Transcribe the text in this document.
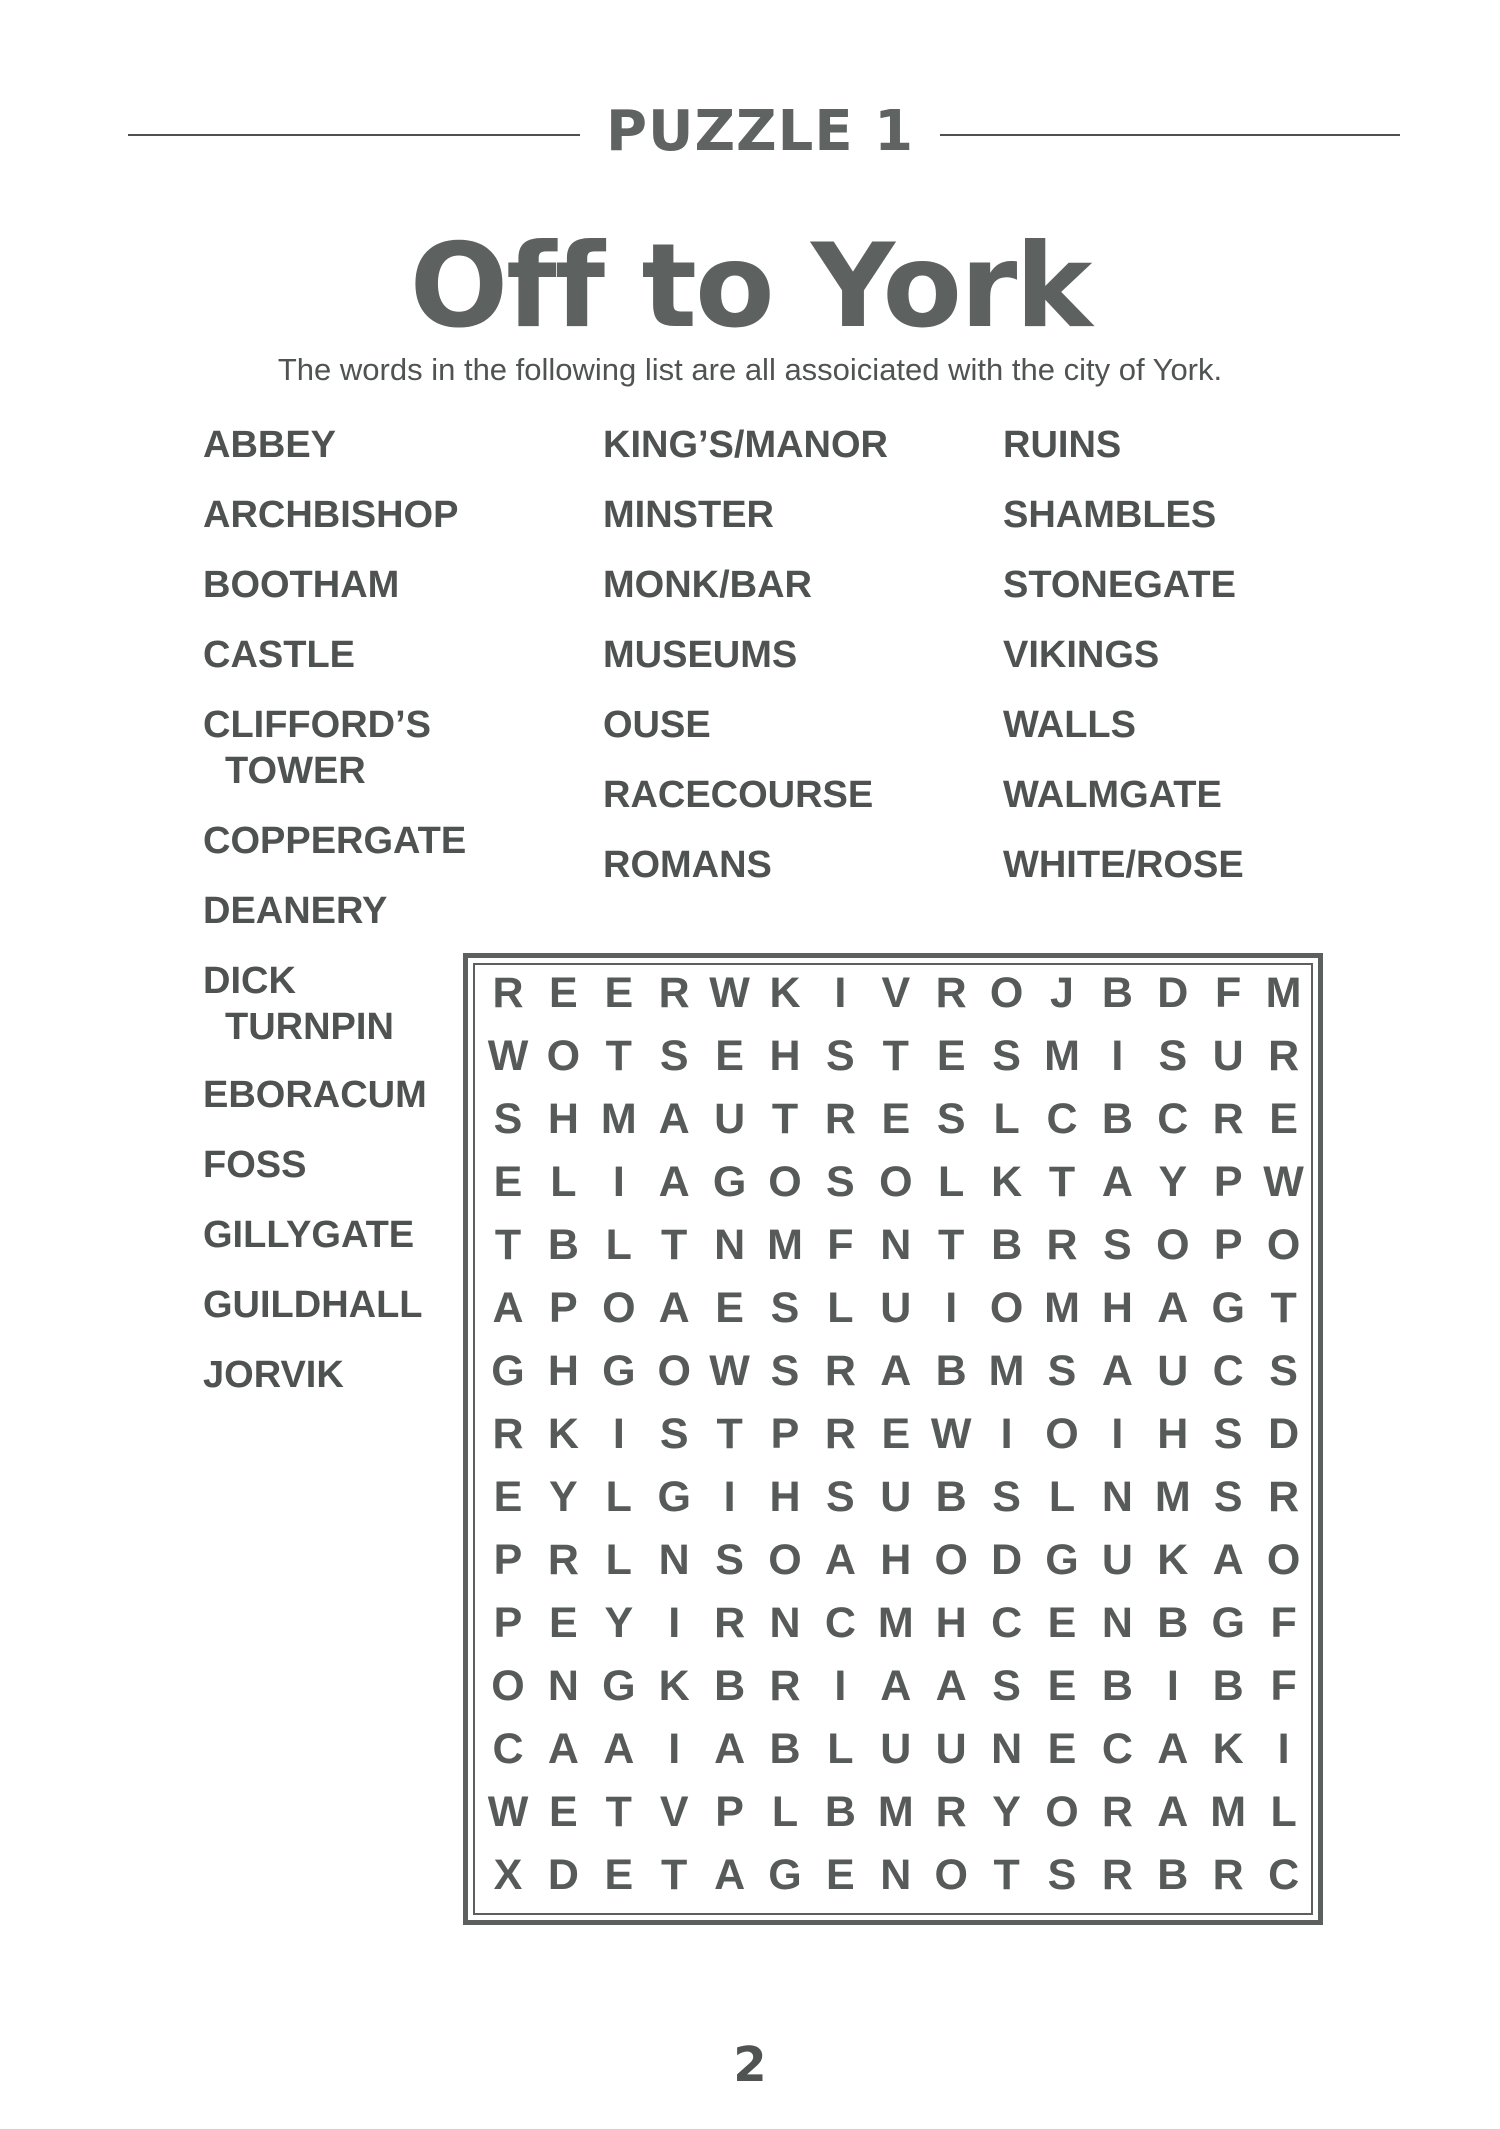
PUZZLE 1
Off to York
The words in the following list are all assoiciated with the city of York.
ABBEY
ARCHBISHOP
BOOTHAM
CASTLE
CLIFFORD’S
TOWER
COPPERGATE
DEANERY
DICK
TURNPIN
EBORACUM
FOSS
GILLYGATE
GUILDHALL
JORVIK
KING’S/MANOR
MINSTER
MONK/BAR
MUSEUMS
OUSE
RACECOURSE
ROMANS
RUINS
SHAMBLES
STONEGATE
VIKINGS
WALLS
WALMGATE
WHITE/ROSE
R E E R W K I V R O J B D F M
W O T S E H S T E S M I S U R
S H M A U T R E S L C B C R E
E L I A G O S O L K T A Y P W
T B L T N M F N T B R S O P O
A P O A E S L U I O M H A G T
G H G O W S R A B M S A U C S
R K I S T P R E W I O I H S D
E Y L G I H S U B S L N M S R
P R L N S O A H O D G U K A O
P E Y I R N C M H C E N B G F
O N G K B R I A A S E B I B F
C A A I A B L U U N E C A K I
W E T V P L B M R Y O R A M L
X D E T A G E N O T S R B R C
2
